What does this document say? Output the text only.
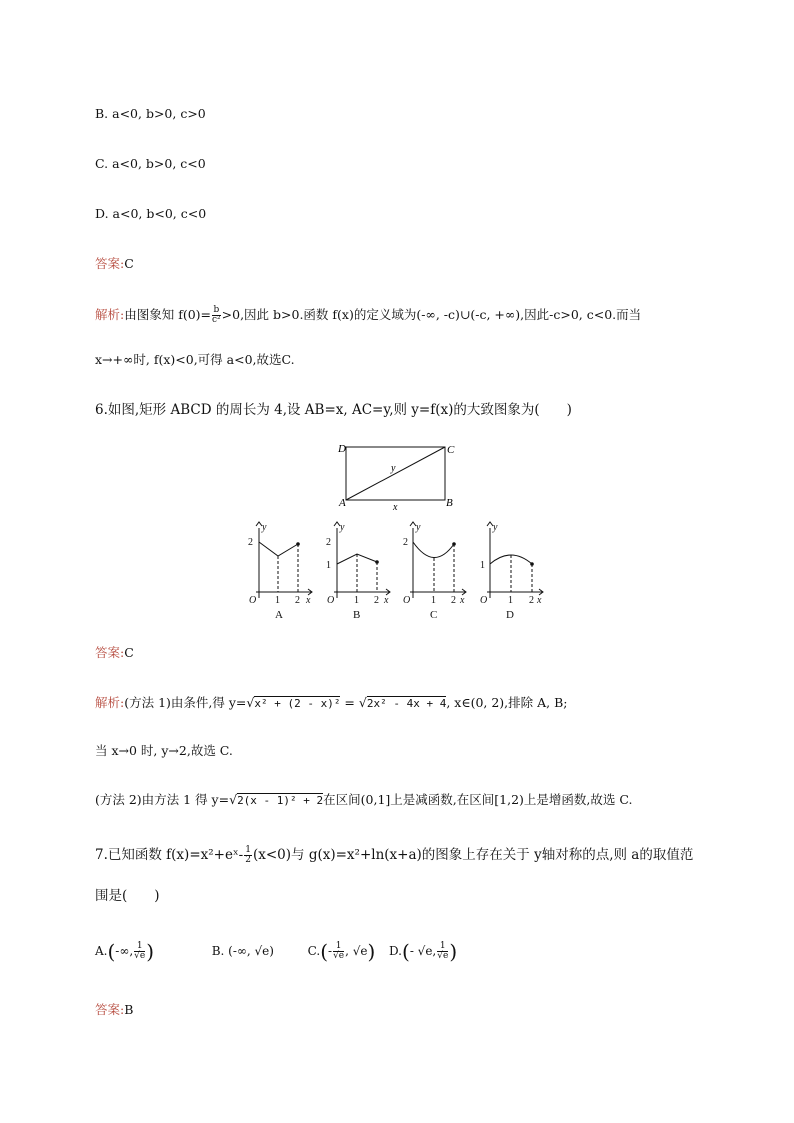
B. a<0, b>0, c>0
C. a<0, b>0, c<0
D. a<0, b<0, c<0
答案:C
解析:由图象知 $f(0)= \frac{b}{\text{c²}} >0$,因此 b>0.函数 f(x)的定义域为(-∞, -c)∪(-c, +∞),因此-c>0, c<0.而当
x→+∞时, f(x)<0,可得 a<0,故选C.
6.如图,矩形 ABCD 的周长为 4,设 AB=x, AC=y,则 y=f(x)的大致图象为(　　)
D	C
A	B
y
x
y
2
O 1 2 x
A
y
2
1
O 1 2 x
B
y
2
O 1 2 x
C
y
1
O 1 2 x
D
答案:C
解析:(方法 1)由条件,得 y=√x² + (2 - x)² = √2x² - 4x + 4, x∈(0, 2),排除 A, B;
当 x→0 时, y→2,故选 C.
(方法 2)由方法 1 得 y=√2(x - 1)² + 2在区间(0,1]上是减函数,在区间[1,2)上是增函数,故选 C.
7.已知函数 f(x)=x²+eˣ- $\frac{1}{2} (x<0)$与 g(x)=x²+ln(x+a)的图象上存在关于 y轴对称的点,则 a的取值范
围是(　　)
A.(-∞, $\frac{1}{√e}$ )	B. (-∞, √e)	$C.(- \frac{1}{√e}$ , √e) D.(- √e, $\frac{1}{√e}$ )
答案:B
